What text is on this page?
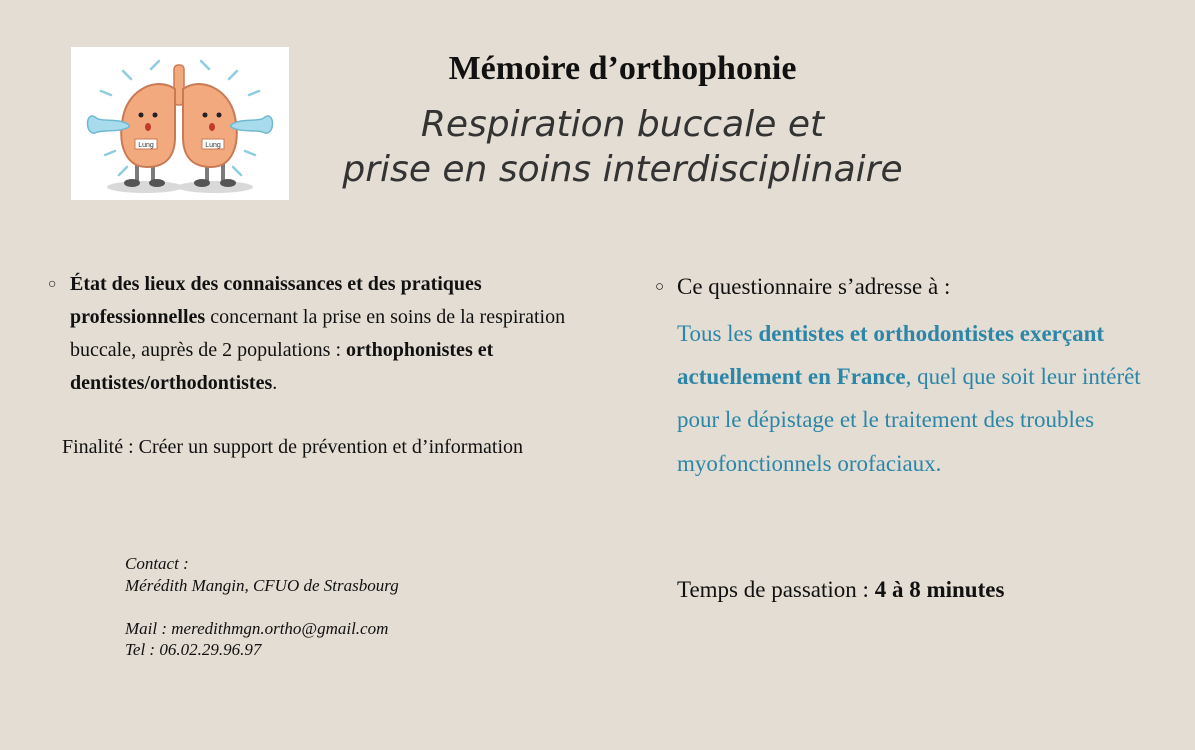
Lung	Lung
Mémoire d’orthophonie
Respiration buccale et
prise en soins interdisciplinaire
○ État des lieux des connaissances et des pratiques professionnelles concernant la prise en soins de la respiration buccale, auprès de 2 populations : orthophonistes et dentistes/orthodontistes.
Finalité : Créer un support de prévention et d’information
Contact :
Mérédith Mangin, CFUO de Strasbourg
Mail : meredithmgn.ortho@gmail.com
Tel : 06.02.29.96.97
○ Ce questionnaire s’adresse à :
Tous les dentistes et orthodontistes exerçant actuellement en France, quel que soit leur intérêt pour le dépistage et le traitement des troubles myofonctionnels orofaciaux.
Temps de passation : 4 à 8 minutes
